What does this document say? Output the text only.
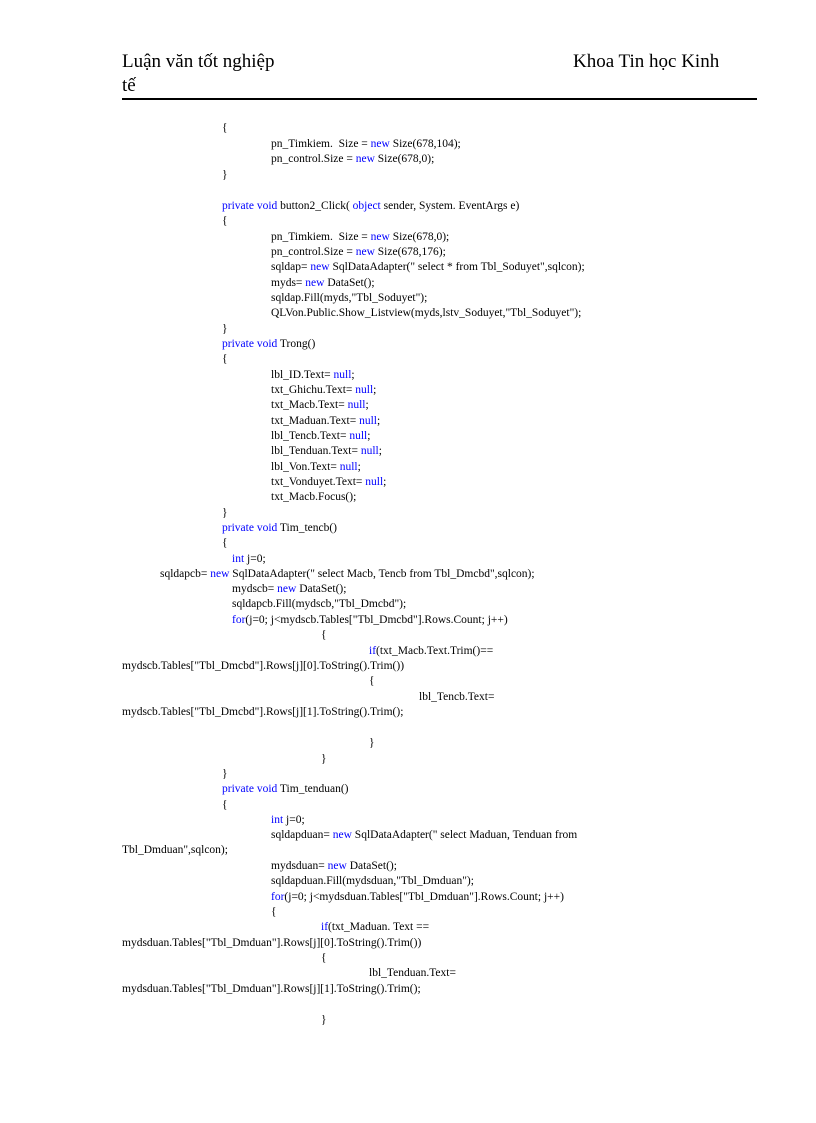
Luận văn tốt nghiệp
tế
Khoa Tin học Kinh
{
pn_Timkiem.  Size = new Size(678,104);
pn_control.Size = new Size(678,0);
}
private void button2_Click( object sender, System. EventArgs e)
{
pn_Timkiem.  Size = new Size(678,0);
pn_control.Size = new Size(678,176);
sqldap= new SqlDataAdapter(" select * from Tbl_Soduyet",sqlcon);
myds= new DataSet();
sqldap.Fill(myds,"Tbl_Soduyet");
QLVon.Public.Show_Listview(myds,lstv_Soduyet,"Tbl_Soduyet");
}
private void Trong()
{
lbl_ID.Text= null;
txt_Ghichu.Text= null;
txt_Macb.Text= null;
txt_Maduan.Text= null;
lbl_Tencb.Text= null;
lbl_Tenduan.Text= null;
lbl_Von.Text= null;
txt_Vonduyet.Text= null;
txt_Macb.Focus();
}
private void Tim_tencb()
{
int j=0;
sqldapcb= new SqlDataAdapter(" select Macb, Tencb from Tbl_Dmcbd",sqlcon);
mydscb= new DataSet();
sqldapcb.Fill(mydscb,"Tbl_Dmcbd");
for(j=0; j<mydscb.Tables["Tbl_Dmcbd"].Rows.Count; j++)
{
if(txt_Macb.Text.Trim()==
mydscb.Tables["Tbl_Dmcbd"].Rows[j][0].ToString().Trim())
{
lbl_Tencb.Text=
mydscb.Tables["Tbl_Dmcbd"].Rows[j][1].ToString().Trim();
}
}
}
private void Tim_tenduan()
{
int j=0;
sqldapduan= new SqlDataAdapter(" select Maduan, Tenduan from
Tbl_Dmduan",sqlcon);
mydsduan= new DataSet();
sqldapduan.Fill(mydsduan,"Tbl_Dmduan");
for(j=0; j<mydsduan.Tables["Tbl_Dmduan"].Rows.Count; j++)
{
if(txt_Maduan. Text ==
mydsduan.Tables["Tbl_Dmduan"].Rows[j][0].ToString().Trim())
{
lbl_Tenduan.Text=
mydsduan.Tables["Tbl_Dmduan"].Rows[j][1].ToString().Trim();
}
